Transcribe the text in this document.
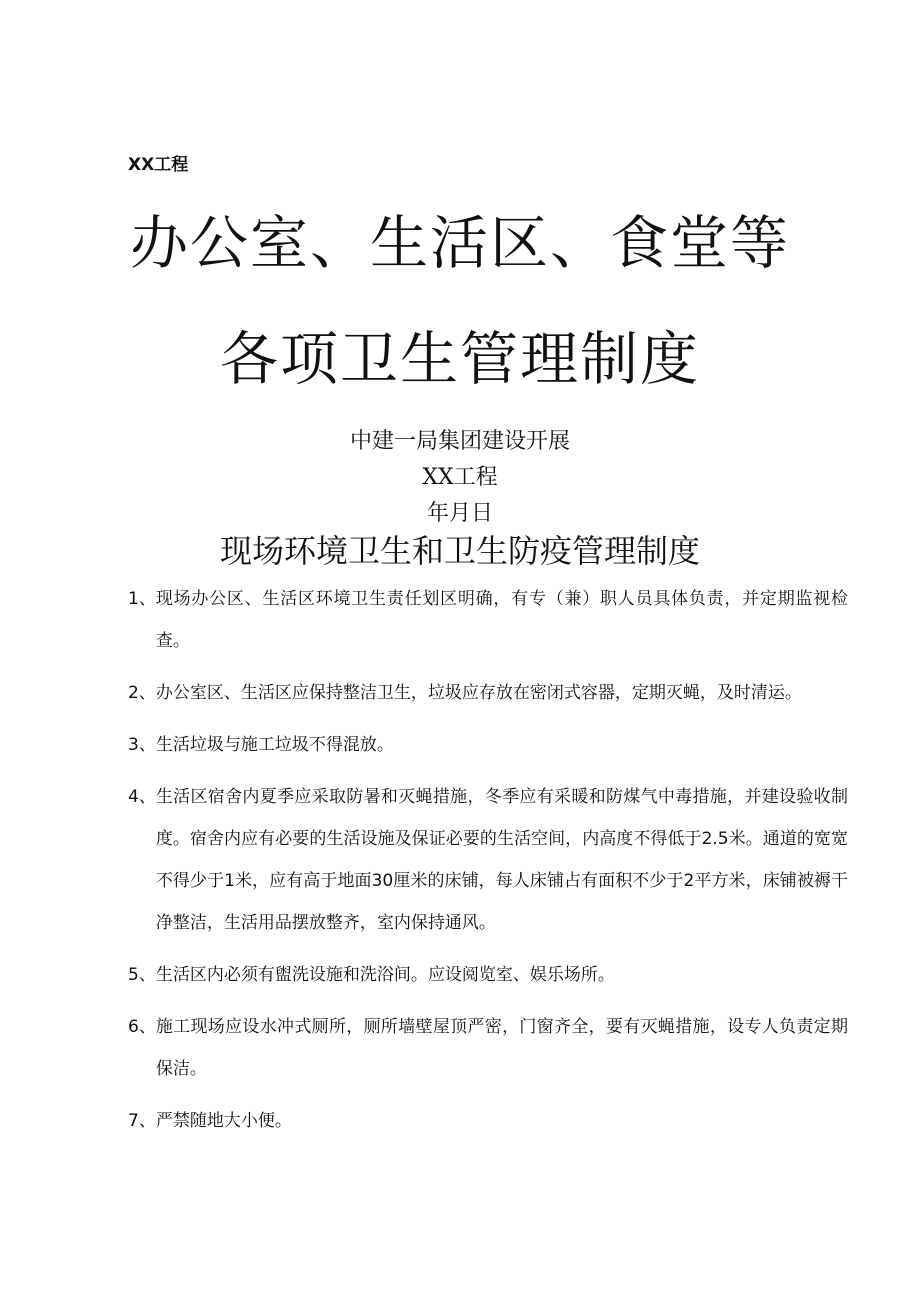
XX工程
办公室、生活区、食堂等
各项卫生管理制度
中建一局集团建设开展
XX工程
年月日
现场环境卫生和卫生防疫管理制度
1、 现场办公区、生活区环境卫生责任划区明确，有专（兼）职人员具体负责，并定期监视检查。
2、 办公室区、生活区应保持整洁卫生，垃圾应存放在密闭式容器，定期灭蝇，及时清运。
3、 生活垃圾与施工垃圾不得混放。
4、 生活区宿舍内夏季应采取防暑和灭蝇措施，冬季应有采暖和防煤气中毒措施，并建设验收制度。宿舍内应有必要的生活设施及保证必要的生活空间，内高度不得低于2.5米。通道的宽宽不得少于1米，应有高于地面30厘米的床铺，每人床铺占有面积不少于2平方米，床铺被褥干净整洁，生活用品摆放整齐，室内保持通风。
5、 生活区内必须有盥洗设施和洗浴间。应设阅览室、娱乐场所。
6、 施工现场应设水冲式厕所，厕所墙壁屋顶严密，门窗齐全，要有灭蝇措施，设专人负责定期保洁。
7、 严禁随地大小便。
